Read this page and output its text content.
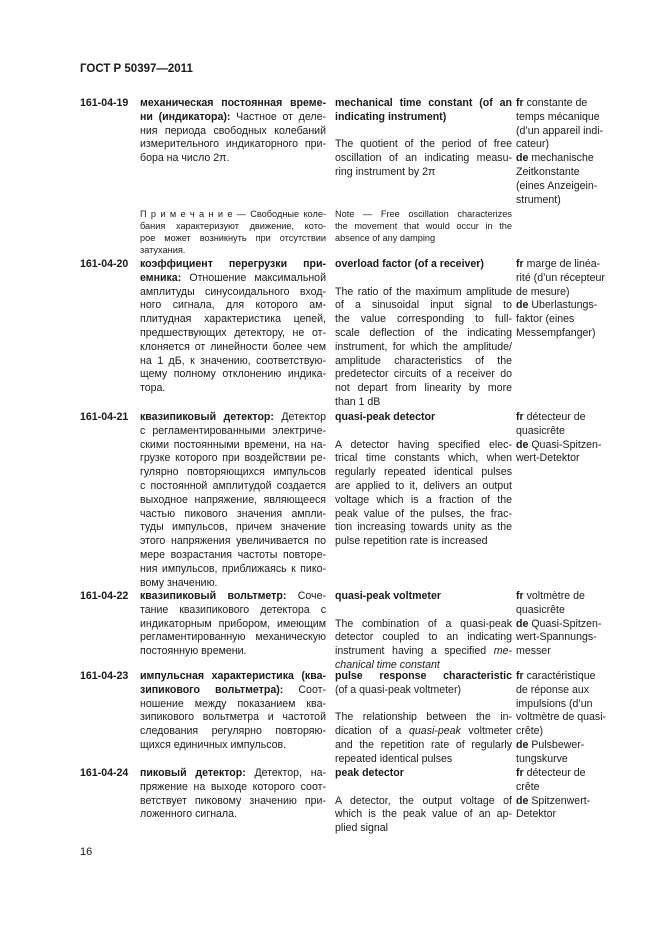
ГОСТ Р 50397—2011
161-04-19 механическая постоянная време-
ни (индикатора): Частное от деле-
ния периода свободных колебаний
измерительного индикаторного при-
бора на число 2π.
mechanical time constant (of an
indicating instrument)

The quotient of the period of free
oscillation of an indicating measu-
ring instrument by 2π
fr constante de
temps mécanique
(d’un appareil indi-
cateur)
de mechanische
Zeitkonstante
(eines Anzeigein-
strument)
П р и м е ч а н и е — Свободные коле-
бания характеризуют движение, кото-
рое может возникнуть при отсутствии
затухания.
Note — Free oscillation characterizes
the movement that would occur in the
absence of any damping
161-04-20 коэффициент перегрузки при-
емника: Отношение максимальной
амплитуды синусоидального вход-
ного сигнала, для которого ам-
плитудная характеристика цепей,
предшествующих детектору, не от-
клоняется от линейности более чем
на 1 дБ, к значению, соответствую-
щему полному отклонению индика-
тора.
overload factor (of a receiver)

The ratio of the maximum amplitude
of a sinusoidal input signal to
the value corresponding to full-
scale deflection of the indicating
instrument, for which the amplitude/
amplitude characteristics of the
predetector circuits of a receiver do
not depart from linearity by more
than 1 dB
fr marge de linéa-
rité (d’un récepteur
de mesure)
de Uberlastungs-
faktor (eines
Messempfanger)
161-04-21 квазипиковый детектор: Детектор
с регламентированными электриче-
скими постоянными времени, на на-
грузке которого при воздействии ре-
гулярно повторяющихся импульсов
с постоянной амплитудой создается
выходное напряжение, являющееся
частью пикового значения ампли-
туды импульсов, причем значение
этого напряжения увеличивается по
мере возрастания частоты повторе-
ния импульсов, приближаясь к пико-
вому значению.
quasi-peak detector

A detector having specified elec-
trical time constants which, when
regularly repeated identical pulses
are applied to it, delivers an output
voltage which is a fraction of the
peak value of the pulses, the frac-
tion increasing towards unity as the
pulse repetition rate is increased
fr détecteur de
quasicrête
de Quasi-Spitzen-
wert-Detektor
161-04-22 квазипиковый вольтметр: Соче-
тание квазипикового детектора с
индикаторным прибором, имеющим
регламентированную механическую
постоянную времени.
quasi-peak voltmeter

The combination of a quasi-peak
detector coupled to an indicating
instrument having a specified me-
chanical time constant
fr voltmètre de
quasicrête
de Quasi-Spitzen-
wert-Spannungs-
messer
161-04-23 импульсная характеристика (ква-
зипикового вольтметра): Соот-
ношение между показанием ква-
зипикового вольтметра и частотой
следования регулярно повторяю-
щихся единичных импульсов.
pulse response characteristic
(of a quasi-peak voltmeter)

The relationship between the in-
dication of a quasi-peak voltmeter
and the repetition rate of regularly
repeated identical pulses
fr caractéristique
de réponse aux
impulsions (d’un
voltmètre de quasi-
crête)
de Pulsbewer-
tungskurve
161-04-24 пиковый детектор: Детектор, на-
пряжение на выходе которого соот-
ветствует пиковому значению при-
ложенного сигнала.
peak detector

A detector, the output voltage of
which is the peak value of an ap-
plied signal
fr détecteur de
crête
de Spitzenwert-
Detektor
16
